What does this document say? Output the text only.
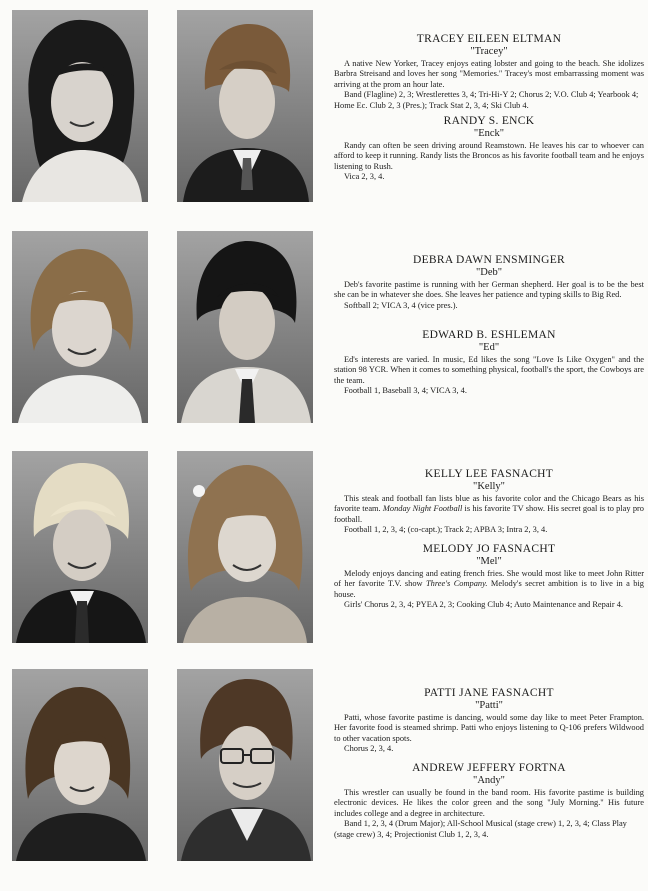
TRACEY EILEEN ELTMAN

"Tracey"

A native New Yorker, Tracey enjoys eating lobster and going to the beach. She idolizes Barbra Streisand and loves her song "Memories." Tracey's most embarrassing moment was arriving at the prom an hour late.

Band (Flagline) 2, 3; Wrestlerettes 3, 4; Tri-Hi-Y 2; Chorus 2; V.O. Club 4; Yearbook 4; Home Ec. Club 2, 3 (Pres.); Track Stat 2, 3, 4; Ski Club 4.

RANDY S. ENCK

"Enck"

Randy can often be seen driving around Reamstown. He leaves his car to whoever can afford to keep it running. Randy lists the Broncos as his favorite football team and he enjoys listening to Rush.

Vica 2, 3, 4.

DEBRA DAWN ENSMINGER

"Deb"

Deb's favorite pastime is running with her German shepherd. Her goal is to be the best she can be in whatever she does. She leaves her patience and typing skills to Big Red.

Softball 2; VICA 3, 4 (vice pres.).

EDWARD B. ESHLEMAN

"Ed"

Ed's interests are varied. In music, Ed likes the song "Love Is Like Oxygen" and the station 98 YCR. When it comes to something physical, football's the sport, the Cowboys are the team.

Football 1, Baseball 3, 4; VICA 3, 4.

KELLY LEE FASNACHT

"Kelly"

This steak and football fan lists blue as his favorite color and the Chicago Bears as his favorite team. Monday Night Football is his favorite TV show. His secret goal is to play pro football.

Football 1, 2, 3, 4; (co-capt.); Track 2; APBA 3; Intra 2, 3, 4.

MELODY JO FASNACHT

"Mel"

Melody enjoys dancing and eating french fries. She would most like to meet John Ritter of her favorite T.V. show Three's Company. Melody's secret ambition is to live in a big house.

Girls' Chorus 2, 3, 4; PYEA 2, 3; Cooking Club 4; Auto Maintenance and Repair 4.

PATTI JANE FASNACHT

"Patti"

Patti, whose favorite pastime is dancing, would some day like to meet Peter Frampton. Her favorite food is steamed shrimp. Patti who enjoys listening to Q-106 prefers Wildwood to other vacation spots.

Chorus 2, 3, 4.

ANDREW JEFFERY FORTNA

"Andy"

This wrestler can usually be found in the band room. His favorite pastime is building electronic devices. He likes the color green and the song "July Morning." His future includes college and a degree in architecture.

Band 1, 2, 3, 4 (Drum Major); All-School Musical (stage crew) 1, 2, 3, 4; Class Play (stage crew) 3, 4; Projectionist Club 1, 2, 3, 4.
